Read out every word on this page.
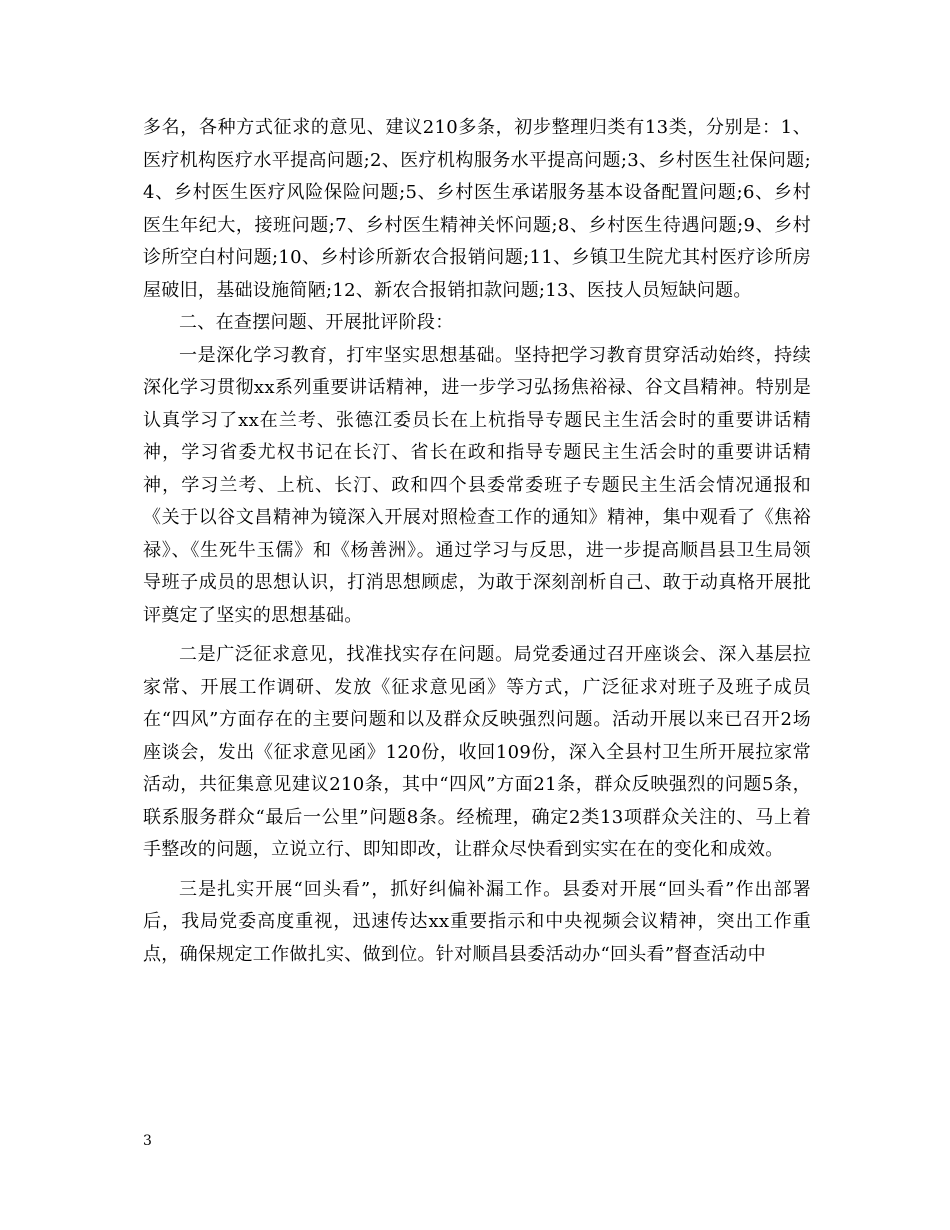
多名，各种方式征求的意见、建议210多条，初步整理归类有13类，分别是：1、医疗机构医疗水平提高问题;2、医疗机构服务水平提高问题;3、乡村医生社保问题;4、乡村医生医疗风险保险问题;5、乡村医生承诺服务基本设备配置问题;6、乡村医生年纪大，接班问题;7、乡村医生精神关怀问题;8、乡村医生待遇问题;9、乡村诊所空白村问题;10、乡村诊所新农合报销问题;11、乡镇卫生院尤其村医疗诊所房屋破旧，基础设施简陋;12、新农合报销扣款问题;13、医技人员短缺问题。

二、在查摆问题、开展批评阶段：

一是深化学习教育，打牢坚实思想基础。坚持把学习教育贯穿活动始终，持续深化学习贯彻xx系列重要讲话精神，进一步学习弘扬焦裕禄、谷文昌精神。特别是认真学习了xx在兰考、张德江委员长在上杭指导专题民主生活会时的重要讲话精神，学习省委尤权书记在长汀、省长在政和指导专题民主生活会时的重要讲话精神，学习兰考、上杭、长汀、政和四个县委常委班子专题民主生活会情况通报和《关于以谷文昌精神为镜深入开展对照检查工作的通知》精神，集中观看了《焦裕禄》、《生死牛玉儒》和《杨善洲》。通过学习与反思，进一步提高顺昌县卫生局领导班子成员的思想认识，打消思想顾虑，为敢于深刻剖析自己、敢于动真格开展批评奠定了坚实的思想基础。

二是广泛征求意见，找准找实存在问题。局党委通过召开座谈会、深入基层拉家常、开展工作调研、发放《征求意见函》等方式，广泛征求对班子及班子成员在“四风”方面存在的主要问题和以及群众反映强烈问题。活动开展以来已召开2场座谈会，发出《征求意见函》120份，收回109份，深入全县村卫生所开展拉家常活动，共征集意见建议210条，其中“四风”方面21条，群众反映强烈的问题5条，联系服务群众“最后一公里”问题8条。经梳理，确定2类13项群众关注的、马上着手整改的问题，立说立行、即知即改，让群众尽快看到实实在在的变化和成效。

三是扎实开展“回头看”，抓好纠偏补漏工作。县委对开展“回头看”作出部署后，我局党委高度重视，迅速传达xx重要指示和中央视频会议精神，突出工作重点，确保规定工作做扎实、做到位。针对顺昌县委活动办“回头看”督查活动中

3
